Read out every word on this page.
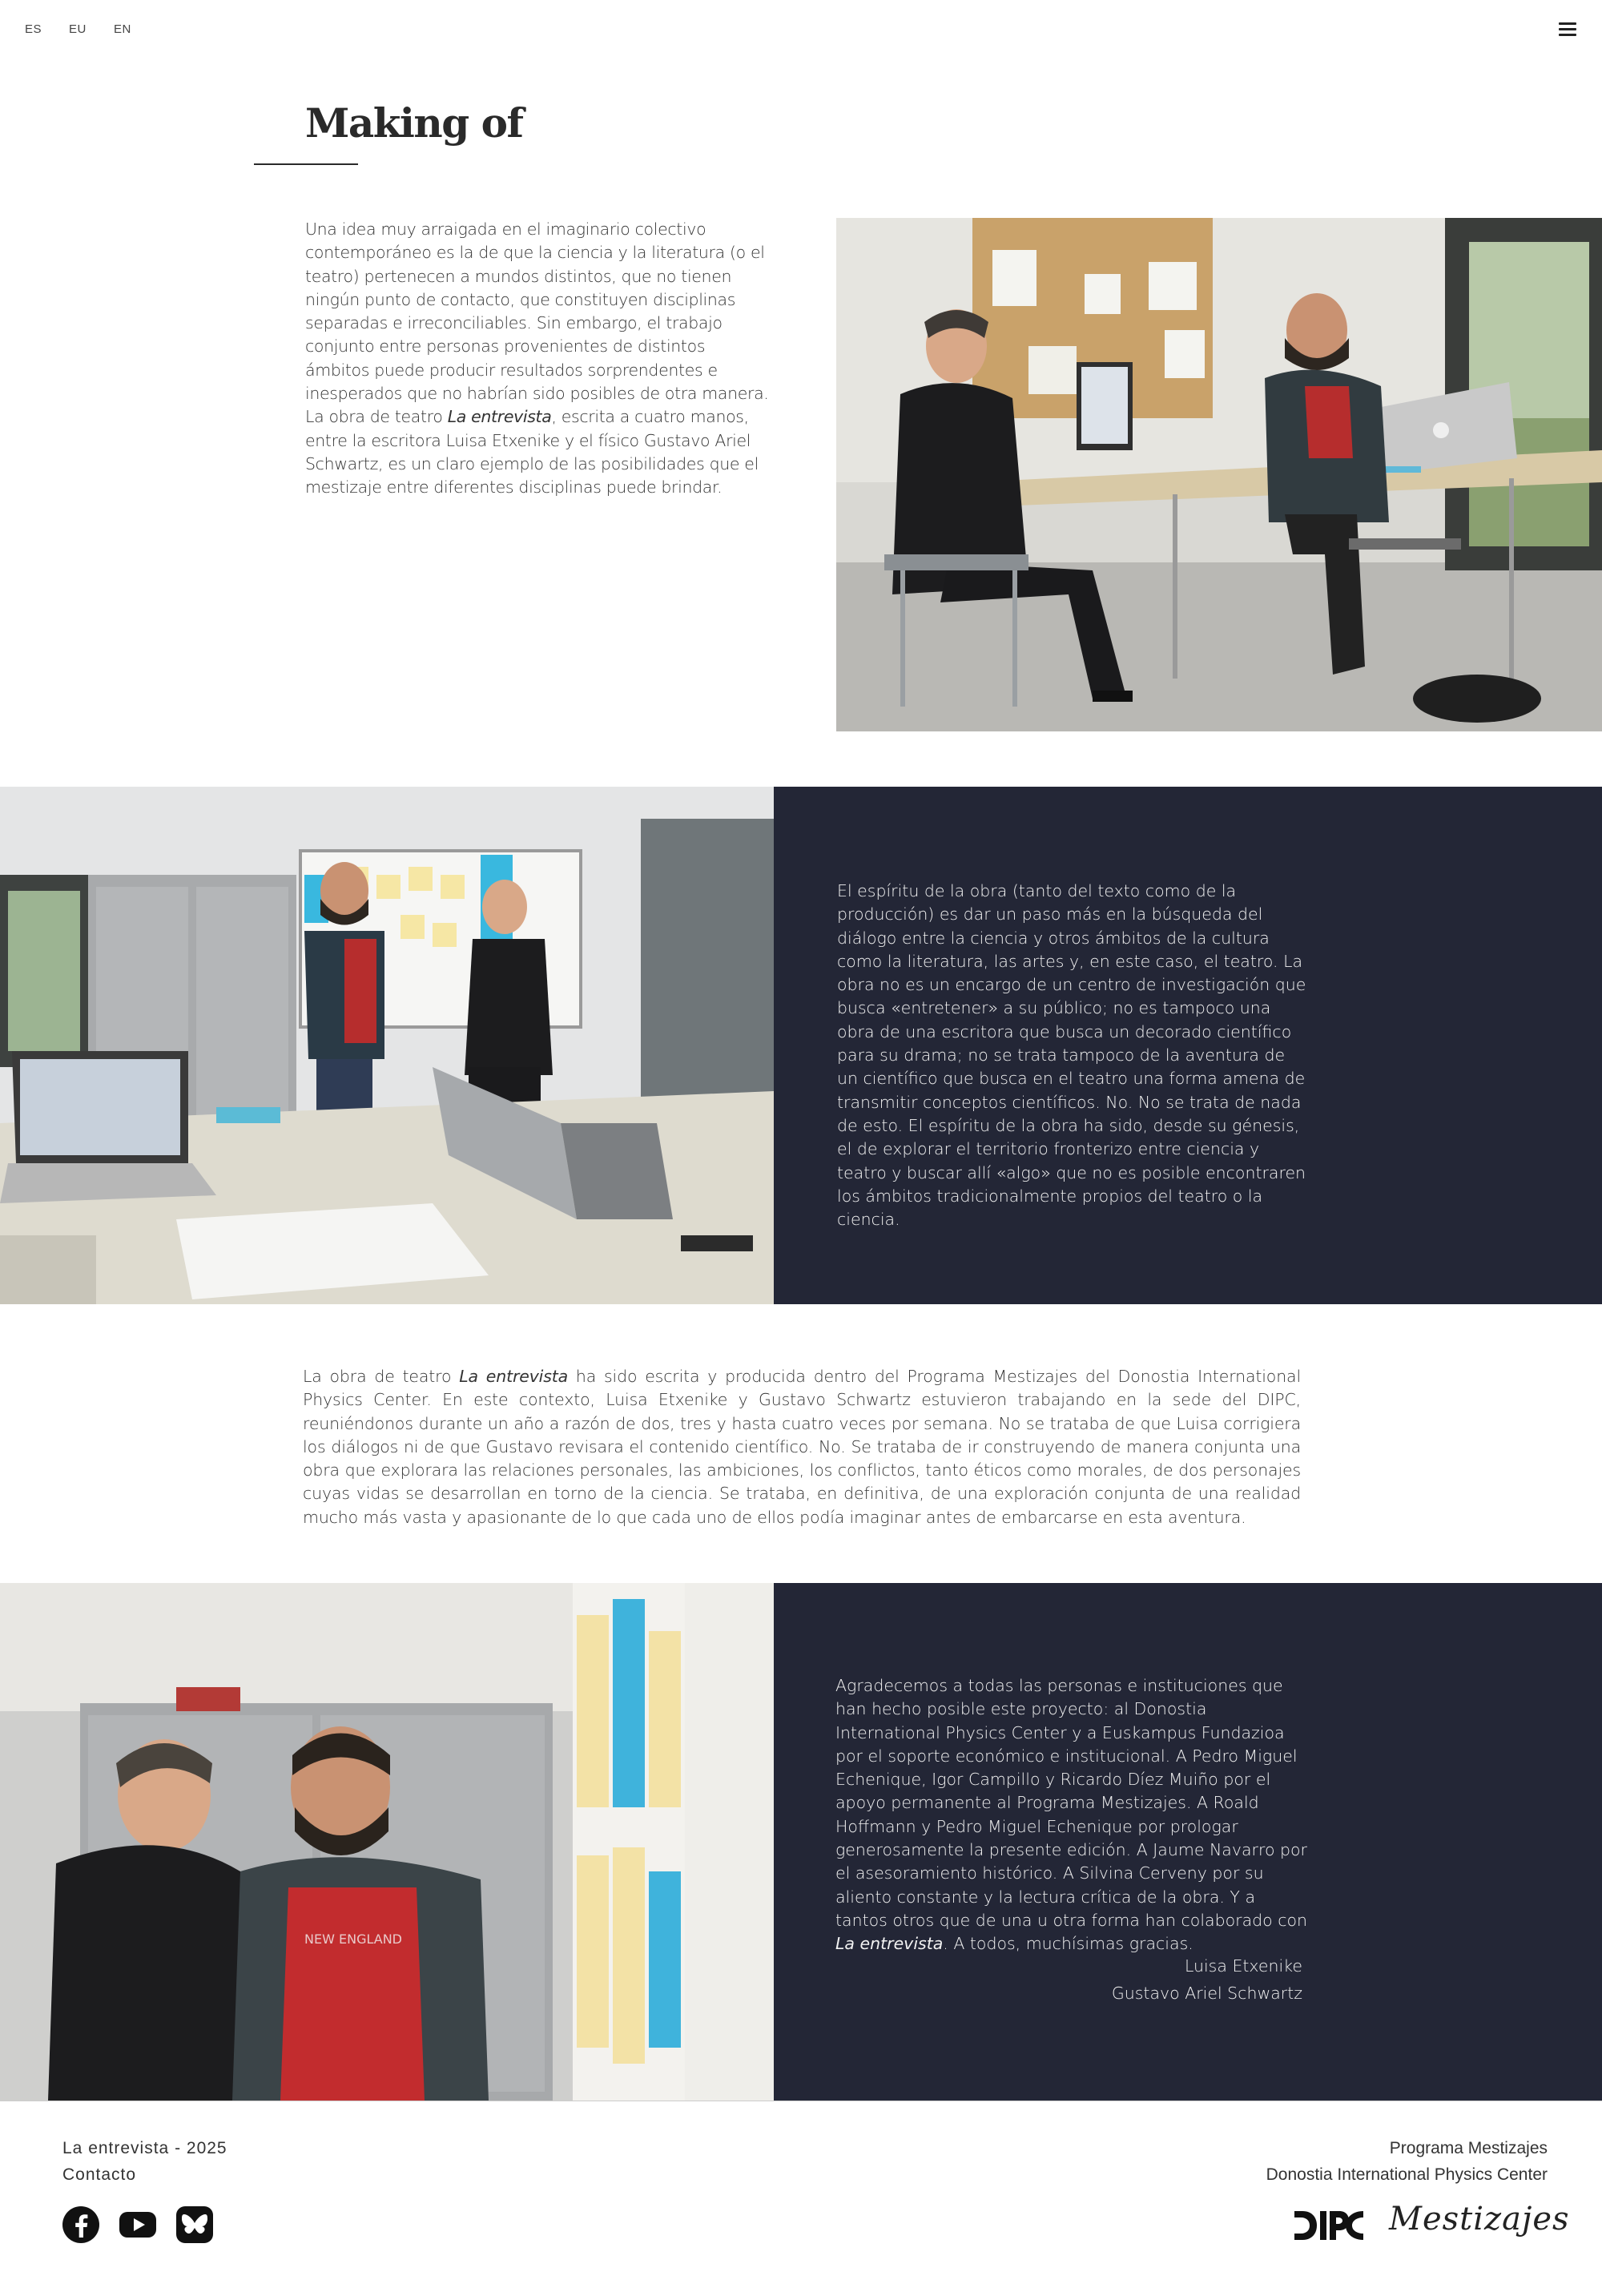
ES EU EN
Making of

Una idea muy arraigada en el imaginario colectivo contemporáneo es la de que la ciencia y la literatura (o el teatro) pertenecen a mundos distintos, que no tienen ningún punto de contacto, que constituyen disciplinas separadas e irreconciliables. Sin embargo, el trabajo conjunto entre personas provenientes de distintos ámbitos puede producir resultados sorprendentes e inesperados que no habrían sido posibles de otra manera. La obra de teatro La entrevista, escrita a cuatro manos, entre la escritora Luisa Etxenike y el físico Gustavo Ariel Schwartz, es un claro ejemplo de las posibilidades que el mestizaje entre diferentes disciplinas puede brindar.

El espíritu de la obra (tanto del texto como de la producción) es dar un paso más en la búsqueda del diálogo entre la ciencia y otros ámbitos de la cultura como la literatura, las artes y, en este caso, el teatro. La obra no es un encargo de un centro de investigación que busca «entretener» a su público; no es tampoco una obra de una escritora que busca un decorado científico para su drama; no se trata tampoco de la aventura de un científico que busca en el teatro una forma amena de transmitir conceptos científicos. No. No se trata de nada de esto. El espíritu de la obra ha sido, desde su génesis, el de explorar el territorio fronterizo entre ciencia y teatro y buscar allí «algo» que no es posible encontraren los ámbitos tradicionalmente propios del teatro o la ciencia.

La obra de teatro La entrevista ha sido escrita y producida dentro del Programa Mestizajes del Donostia International Physics Center. En este contexto, Luisa Etxenike y Gustavo Schwartz estuvieron trabajando en la sede del DIPC, reuniéndonos durante un año a razón de dos, tres y hasta cuatro veces por semana. No se trataba de que Luisa corrigiera los diálogos ni de que Gustavo revisara el contenido científico. No. Se trataba de ir construyendo de manera conjunta una obra que explorara las relaciones personales, las ambiciones, los conflictos, tanto éticos como morales, de dos personajes cuyas vidas se desarrollan en torno de la ciencia. Se trataba, en definitiva, de una exploración conjunta de una realidad mucho más vasta y apasionante de lo que cada uno de ellos podía imaginar antes de embarcarse en esta aventura.

NEW ENGLAND

Agradecemos a todas las personas e instituciones que han hecho posible este proyecto: al Donostia International Physics Center y a Euskampus Fundazioa por el soporte económico e institucional. A Pedro Miguel Echenique, Igor Campillo y Ricardo Díez Muiño por el apoyo permanente al Programa Mestizajes. A Roald Hoffmann y Pedro Miguel Echenique por prologar generosamente la presente edición. A Jaume Navarro por el asesoramiento histórico. A Silvina Cerveny por su aliento constante y la lectura crítica de la obra. Y a tantos otros que de una u otra forma han colaborado con La entrevista. A todos, muchísimas gracias.

Luisa Etxenike

Gustavo Ariel Schwartz

La entrevista - 2025
Contacto
Programa Mestizajes
Donostia International Physics Center
Mestizajes
